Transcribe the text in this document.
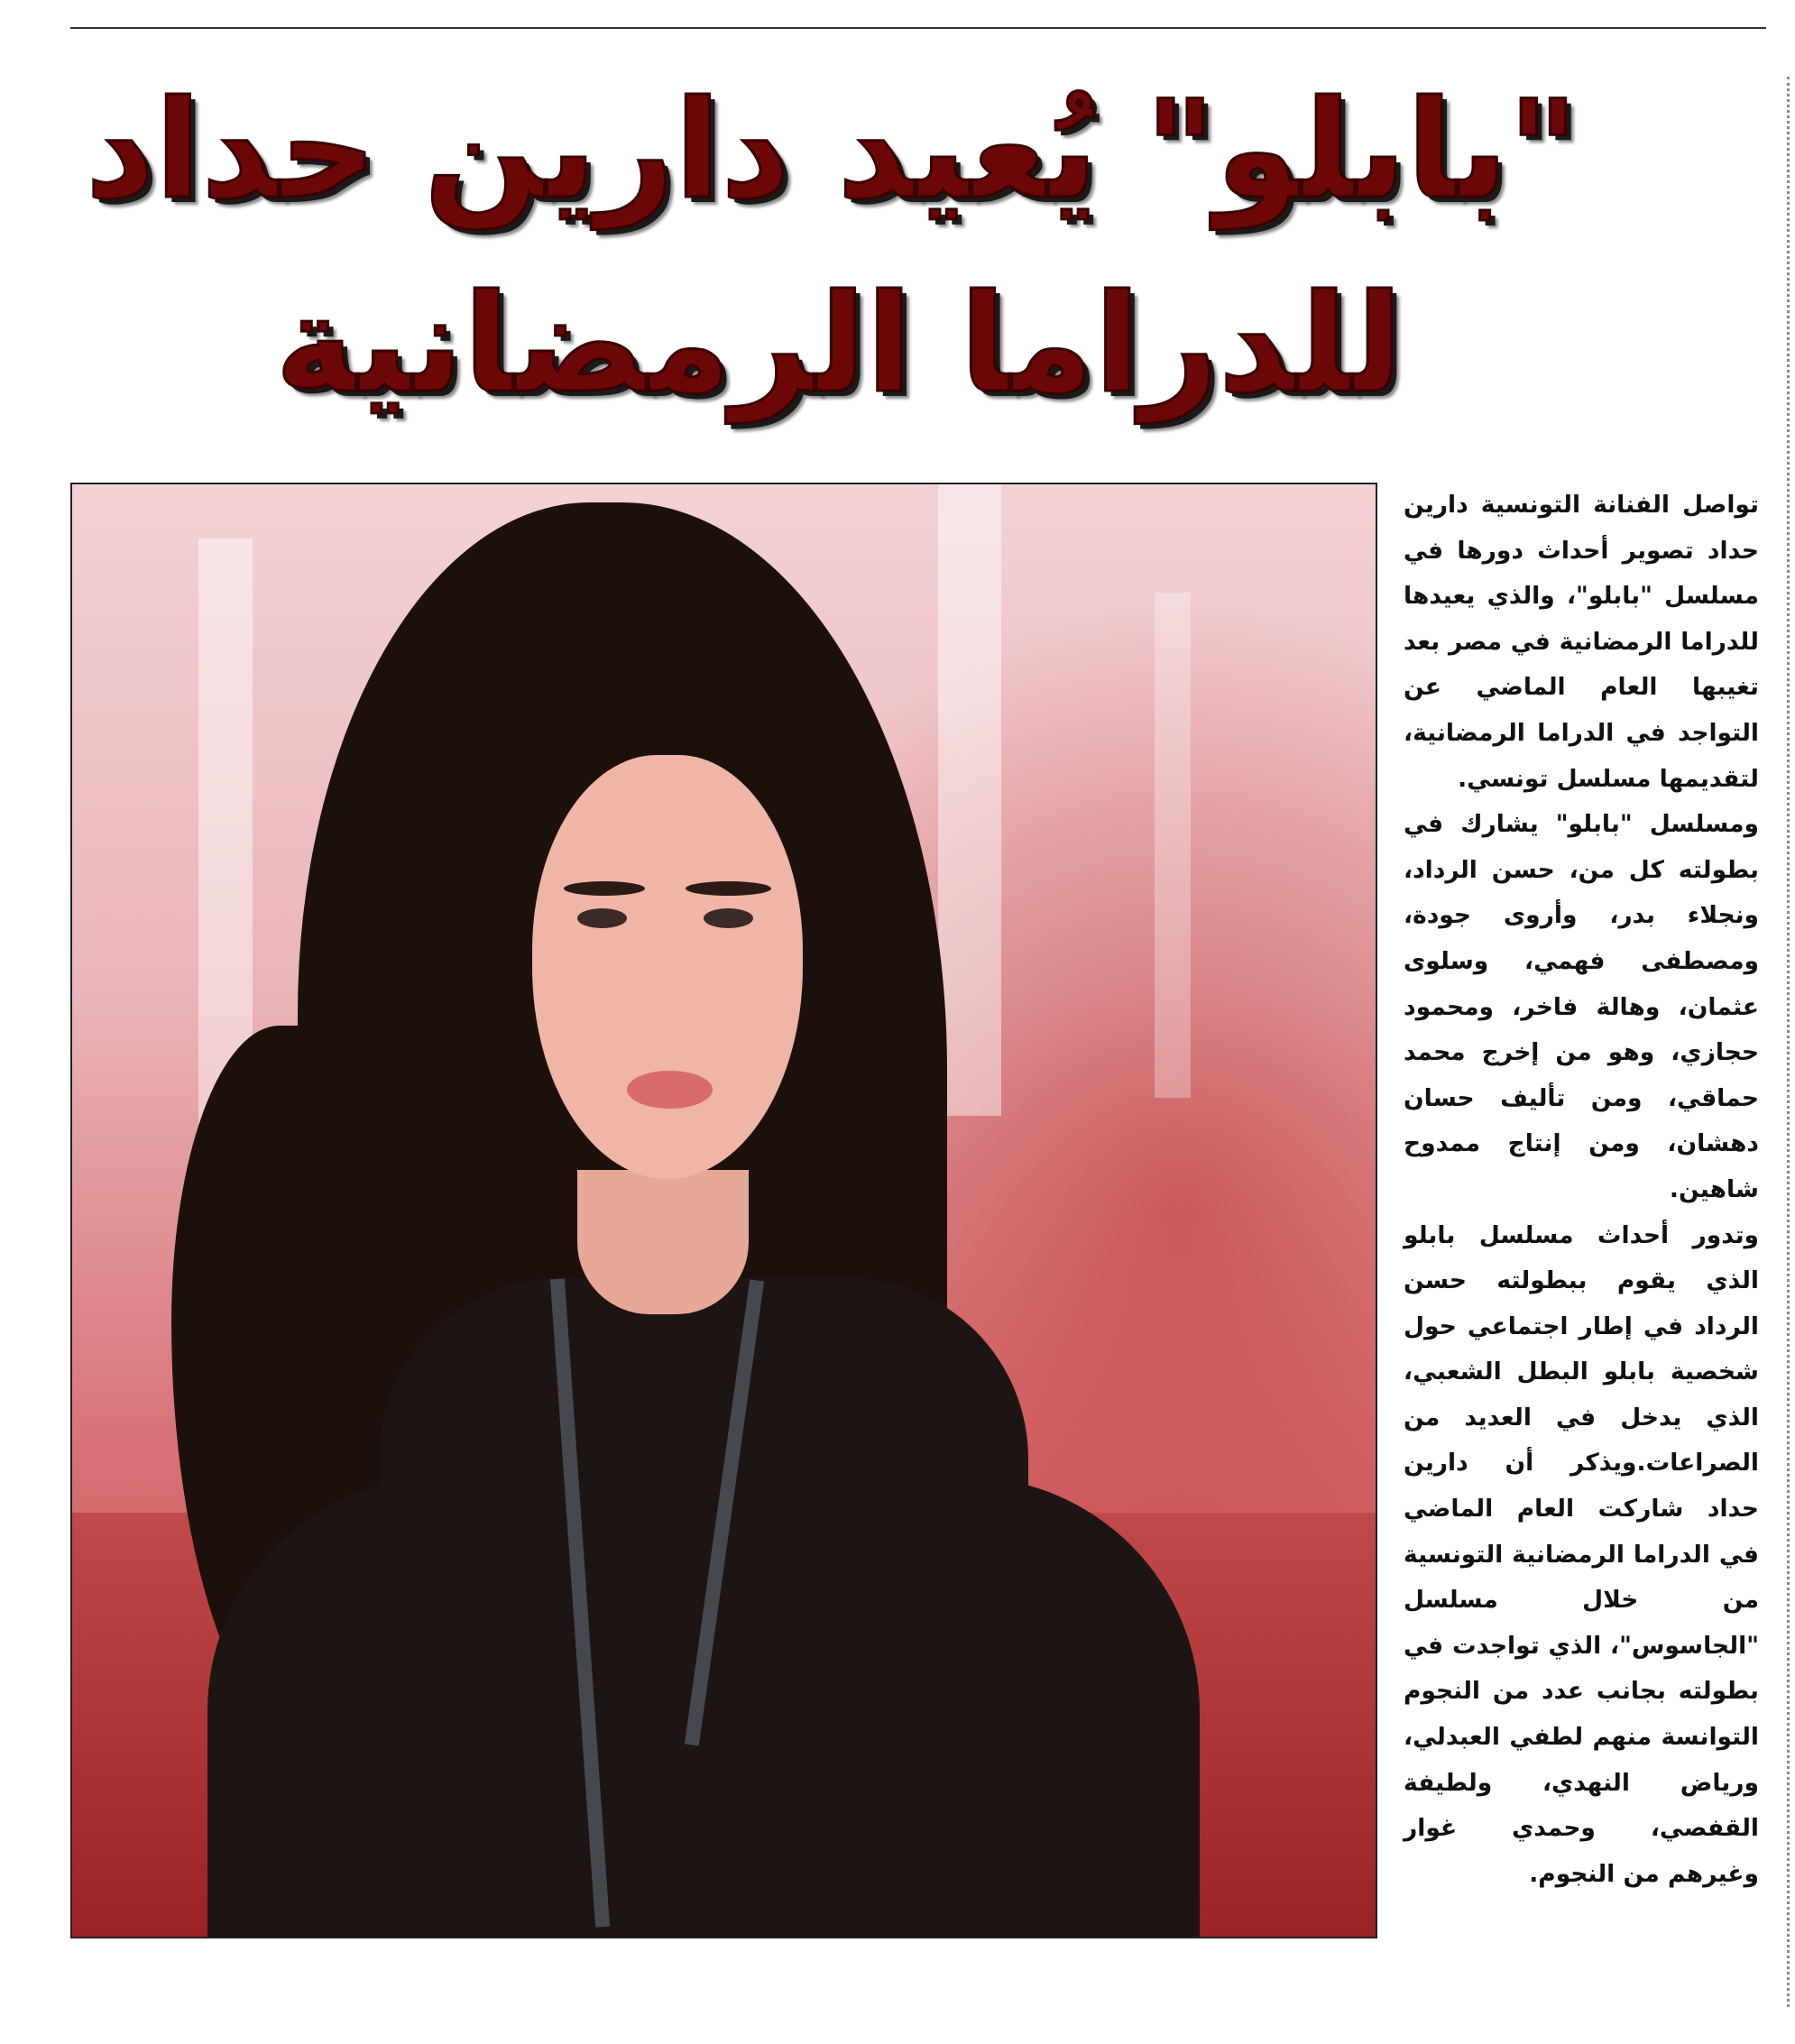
"بابلو" يُعيد دارين حداد
للدراما الرمضانية

تواصل الفنانة التونسية دارين حداد تصوير أحداث دورها في مسلسل "بابلو"، والذي يعيدها للدراما الرمضانية في مصر بعد تغيبها العام الماضي عن التواجد في الدراما الرمضانية، لتقديمها مسلسل تونسي.

ومسلسل "بابلو" يشارك في بطولته كل من، حسن الرداد، ونجلاء بدر، وأروى جودة، ومصطفى فهمي، وسلوى عثمان، وهالة فاخر، ومحمود حجازي، وهو من إخرج محمد حماقي، ومن تأليف حسان دهشان، ومن إنتاج ممدوح شاهين.

وتدور أحداث مسلسل بابلو الذي يقوم ببطولته حسن الرداد في إطار اجتماعي حول شخصية بابلو البطل الشعبي، الذي يدخل في العديد من الصراعات.ويذكر أن دارين حداد شاركت العام الماضي في الدراما الرمضانية التونسية من خلال مسلسل "الجاسوس"، الذي تواجدت في بطولته بجانب عدد من النجوم التوانسة منهم لطفي العبدلي، ورياض النهدي، ولطيفة القفصي، وحمدي غوار وغيرهم من النجوم.
